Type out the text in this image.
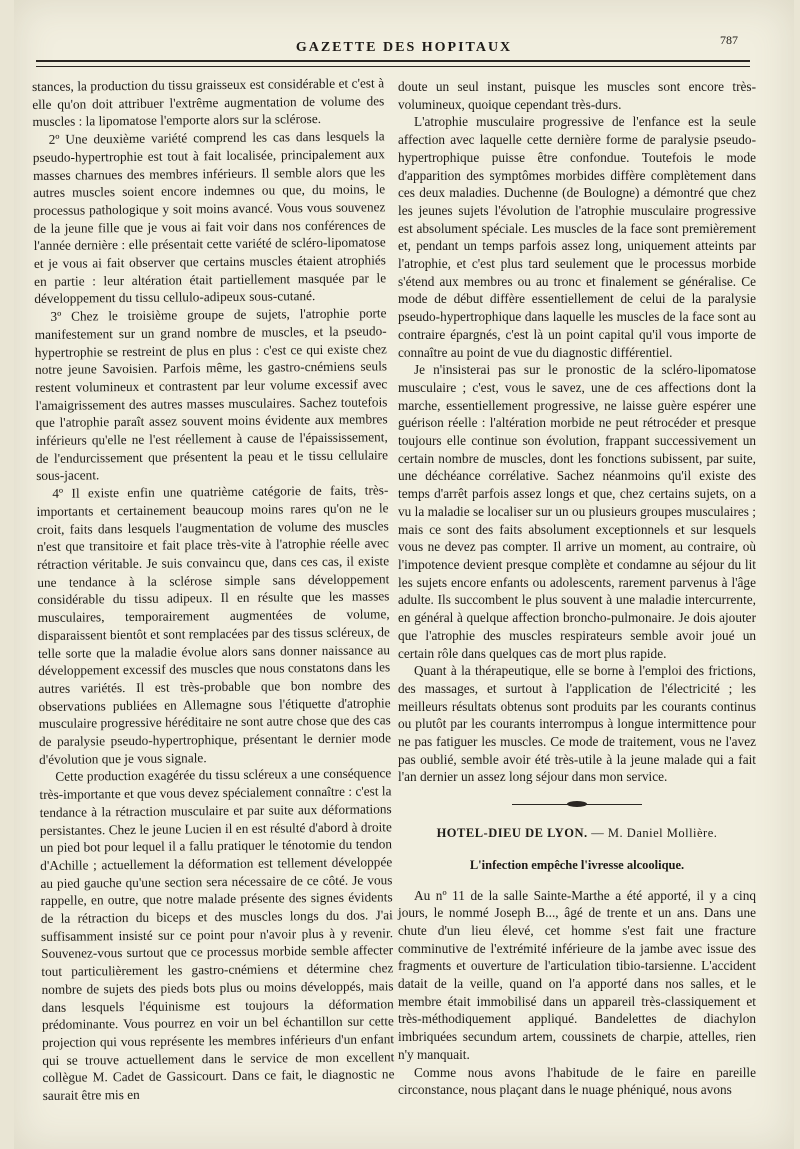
787
GAZETTE DES HOPITAUX

stances, la production du tissu graisseux est considérable et c'est à elle qu'on doit attribuer l'extrême augmentation de volume des muscles : la lipomatose l'emporte alors sur la sclérose.

2º Une deuxième variété comprend les cas dans lesquels la pseudo-hypertrophie est tout à fait localisée, principalement aux masses charnues des membres inférieurs. Il semble alors que les autres muscles soient encore indemnes ou que, du moins, le processus pathologique y soit moins avancé. Vous vous souvenez de la jeune fille que je vous ai fait voir dans nos conférences de l'année dernière : elle présentait cette variété de scléro-lipomatose et je vous ai fait observer que certains muscles étaient atrophiés en partie : leur altération était partiellement masquée par le développement du tissu cellulo-adipeux sous-cutané.

3º Chez le troisième groupe de sujets, l'atrophie porte manifestement sur un grand nombre de muscles, et la pseudo-hypertrophie se restreint de plus en plus : c'est ce qui existe chez notre jeune Savoisien. Parfois même, les gastro-cnémiens seuls restent volumineux et contrastent par leur volume excessif avec l'amaigrissement des autres masses musculaires. Sachez toutefois que l'atrophie paraît assez souvent moins évidente aux membres inférieurs qu'elle ne l'est réellement à cause de l'épaississement, de l'endurcissement que présentent la peau et le tissu cellulaire sous-jacent.

4º Il existe enfin une quatrième catégorie de faits, très-importants et certainement beaucoup moins rares qu'on ne le croit, faits dans lesquels l'augmentation de volume des muscles n'est que transitoire et fait place très-vite à l'atrophie réelle avec rétraction véritable. Je suis convaincu que, dans ces cas, il existe une tendance à la sclérose simple sans développement considérable du tissu adipeux. Il en résulte que les masses musculaires, temporairement augmentées de volume, disparaissent bientôt et sont remplacées par des tissus scléreux, de telle sorte que la maladie évolue alors sans donner naissance au développement excessif des muscles que nous constatons dans les autres variétés. Il est très-probable que bon nombre des observations publiées en Allemagne sous l'étiquette d'atrophie musculaire progressive héréditaire ne sont autre chose que des cas de paralysie pseudo-hypertrophique, présentant le dernier mode d'évolution que je vous signale.

Cette production exagérée du tissu scléreux a une conséquence très-importante et que vous devez spécialement connaître : c'est la tendance à la rétraction musculaire et par suite aux déformations persistantes. Chez le jeune Lucien il en est résulté d'abord à droite un pied bot pour lequel il a fallu pratiquer le ténotomie du tendon d'Achille ; actuellement la déformation est tellement développée au pied gauche qu'une section sera nécessaire de ce côté. Je vous rappelle, en outre, que notre malade présente des signes évidents de la rétraction du biceps et des muscles longs du dos. J'ai suffisamment insisté sur ce point pour n'avoir plus à y revenir. Souvenez-vous surtout que ce processus morbide semble affecter tout particulièrement les gastro-cnémiens et détermine chez nombre de sujets des pieds bots plus ou moins développés, mais dans lesquels l'équinisme est toujours la déformation prédominante. Vous pourrez en voir un bel échantillon sur cette projection qui vous représente les membres inférieurs d'un enfant qui se trouve actuellement dans le service de mon excellent collègue M. Cadet de Gassicourt. Dans ce fait, le diagnostic ne saurait être mis en

doute un seul instant, puisque les muscles sont encore très-volumineux, quoique cependant très-durs.

L'atrophie musculaire progressive de l'enfance est la seule affection avec laquelle cette dernière forme de paralysie pseudo-hypertrophique puisse être confondue. Toutefois le mode d'apparition des symptômes morbides diffère complètement dans ces deux maladies. Duchenne (de Boulogne) a démontré que chez les jeunes sujets l'évolution de l'atrophie musculaire progressive est absolument spéciale. Les muscles de la face sont premièrement et, pendant un temps parfois assez long, uniquement atteints par l'atrophie, et c'est plus tard seulement que le processus morbide s'étend aux membres ou au tronc et finalement se généralise. Ce mode de début diffère essentiellement de celui de la paralysie pseudo-hypertrophique dans laquelle les muscles de la face sont au contraire épargnés, c'est là un point capital qu'il vous importe de connaître au point de vue du diagnostic différentiel.

Je n'insisterai pas sur le pronostic de la scléro-lipomatose musculaire ; c'est, vous le savez, une de ces affections dont la marche, essentiellement progressive, ne laisse guère espérer une guérison réelle : l'altération morbide ne peut rétrocéder et presque toujours elle continue son évolution, frappant successivement un certain nombre de muscles, dont les fonctions subissent, par suite, une déchéance corrélative. Sachez néanmoins qu'il existe des temps d'arrêt parfois assez longs et que, chez certains sujets, on a vu la maladie se localiser sur un ou plusieurs groupes musculaires ; mais ce sont des faits absolument exceptionnels et sur lesquels vous ne devez pas compter. Il arrive un moment, au contraire, où l'impotence devient presque complète et condamne au séjour du lit les sujets encore enfants ou adolescents, rarement parvenus à l'âge adulte. Ils succombent le plus souvent à une maladie intercurrente, en général à quelque affection broncho-pulmonaire. Je dois ajouter que l'atrophie des muscles respirateurs semble avoir joué un certain rôle dans quelques cas de mort plus rapide.

Quant à la thérapeutique, elle se borne à l'emploi des frictions, des massages, et surtout à l'application de l'électricité ; les meilleurs résultats obtenus sont produits par les courants continus ou plutôt par les courants interrompus à longue intermittence pour ne pas fatiguer les muscles. Ce mode de traitement, vous ne l'avez pas oublié, semble avoir été très-utile à la jeune malade qui a fait l'an dernier un assez long séjour dans mon service.

HOTEL-DIEU DE LYON. — M. Daniel Mollière.
L'infection empêche l'ivresse alcoolique.

Au nº 11 de la salle Sainte-Marthe a été apporté, il y a cinq jours, le nommé Joseph B..., âgé de trente et un ans. Dans une chute d'un lieu élevé, cet homme s'est fait une fracture comminutive de l'extrémité inférieure de la jambe avec issue des fragments et ouverture de l'articulation tibio-tarsienne. L'accident datait de la veille, quand on l'a apporté dans nos salles, et le membre était immobilisé dans un appareil très-classiquement et très-méthodiquement appliqué. Bandelettes de diachylon imbriquées secundum artem, coussinets de charpie, attelles, rien n'y manquait.

Comme nous avons l'habitude de le faire en pareille circonstance, nous plaçant dans le nuage phéniqué, nous avons
